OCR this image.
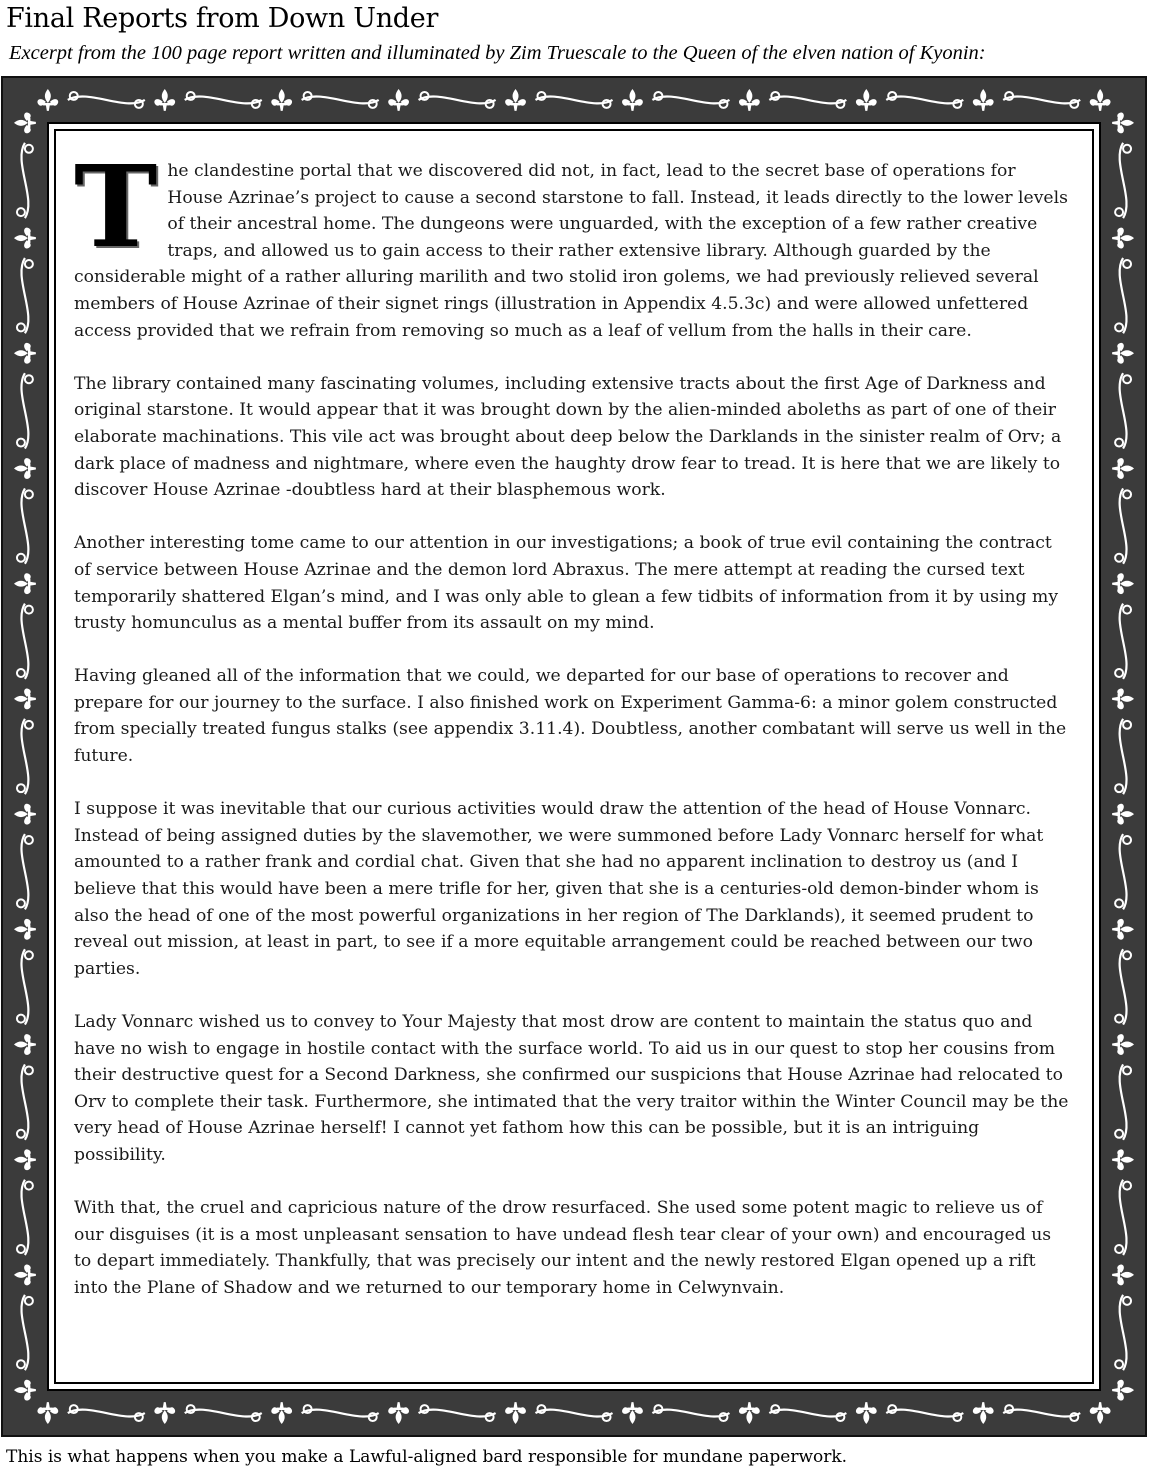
Final Reports from Down Under
Excerpt from the 100 page report written and illuminated by Zim Truescale to the Queen of the elven nation of Kyonin:

The clandestine portal that we discovered did not, in fact, lead to the secret base of operations for House Azrinae’s project to cause a second starstone to fall. Instead, it leads directly to the lower levels of their ancestral home. The dungeons were unguarded, with the exception of a few rather creative traps, and allowed us to gain access to their rather extensive library. Although guarded by the considerable might of a rather alluring marilith and two stolid iron golems, we had previously relieved several members of House Azrinae of their signet rings (illustration in Appendix 4.5.3c) and were allowed unfettered access provided that we refrain from removing so much as a leaf of vellum from the halls in their care.

The library contained many fascinating volumes, including extensive tracts about the first Age of Darkness and original starstone. It would appear that it was brought down by the alien-minded aboleths as part of one of their elaborate machinations. This vile act was brought about deep below the Darklands in the sinister realm of Orv; a dark place of madness and nightmare, where even the haughty drow fear to tread. It is here that we are likely to discover House Azrinae -doubtless hard at their blasphemous work.

Another interesting tome came to our attention in our investigations; a book of true evil containing the contract of service between House Azrinae and the demon lord Abraxus. The mere attempt at reading the cursed text temporarily shattered Elgan’s mind, and I was only able to glean a few tidbits of information from it by using my trusty homunculus as a mental buffer from its assault on my mind.

Having gleaned all of the information that we could, we departed for our base of operations to recover and prepare for our journey to the surface. I also finished work on Experiment Gamma-6: a minor golem constructed from specially treated fungus stalks (see appendix 3.11.4). Doubtless, another combatant will serve us well in the future.

I suppose it was inevitable that our curious activities would draw the attention of the head of House Vonnarc. Instead of being assigned duties by the slavemother, we were summoned before Lady Vonnarc herself for what amounted to a rather frank and cordial chat. Given that she had no apparent inclination to destroy us (and I believe that this would have been a mere trifle for her, given that she is a centuries-old demon-binder whom is also the head of one of the most powerful organizations in her region of The Darklands), it seemed prudent to reveal out mission, at least in part, to see if a more equitable arrangement could be reached between our two parties.

Lady Vonnarc wished us to convey to Your Majesty that most drow are content to maintain the status quo and have no wish to engage in hostile contact with the surface world. To aid us in our quest to stop her cousins from their destructive quest for a Second Darkness, she confirmed our suspicions that House Azrinae had relocated to Orv to complete their task. Furthermore, she intimated that the very traitor within the Winter Council may be the very head of House Azrinae herself! I cannot yet fathom how this can be possible, but it is an intriguing possibility.

With that, the cruel and capricious nature of the drow resurfaced. She used some potent magic to relieve us of our disguises (it is a most unpleasant sensation to have undead flesh tear clear of your own) and encouraged us to depart immediately. Thankfully, that was precisely our intent and the newly restored Elgan opened up a rift into the Plane of Shadow and we returned to our temporary home in Celwynvain.

This is what happens when you make a Lawful-aligned bard responsible for mundane paperwork.
